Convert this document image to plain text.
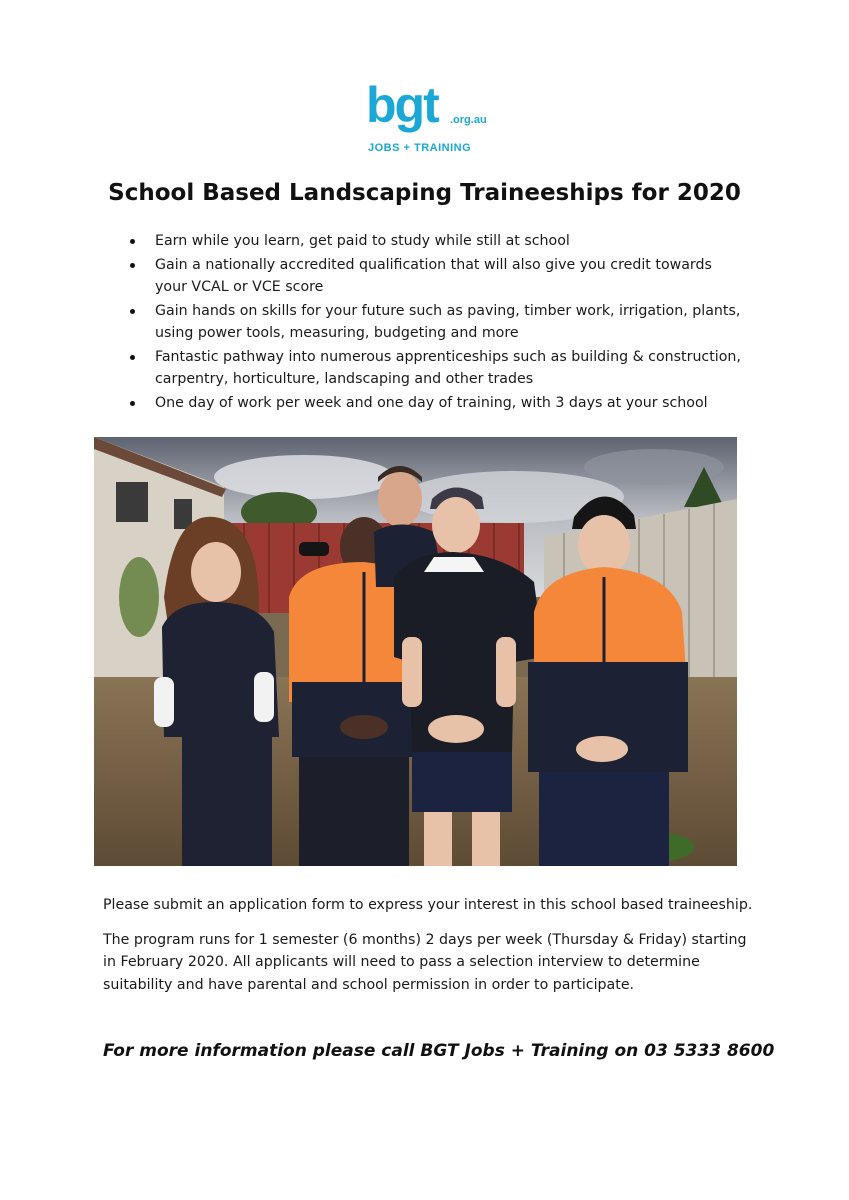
bgt .org.au
JOBS + TRAINING
School Based Landscaping Traineeships for 2020
Earn while you learn, get paid to study while still at school
Gain a nationally accredited qualification that will also give you credit towards your VCAL or VCE score
Gain hands on skills for your future such as paving, timber work, irrigation, plants, using power tools, measuring, budgeting and more
Fantastic pathway into numerous apprenticeships such as building & construction, carpentry, horticulture, landscaping and other trades
One day of work per week and one day of training, with 3 days at your school

Please submit an application form to express your interest in this school based traineeship.

The program runs for 1 semester (6 months) 2 days per week (Thursday & Friday) starting in February 2020. All applicants will need to pass a selection interview to determine suitability and have parental and school permission in order to participate.

For more information please call BGT Jobs + Training on 03 5333 8600
